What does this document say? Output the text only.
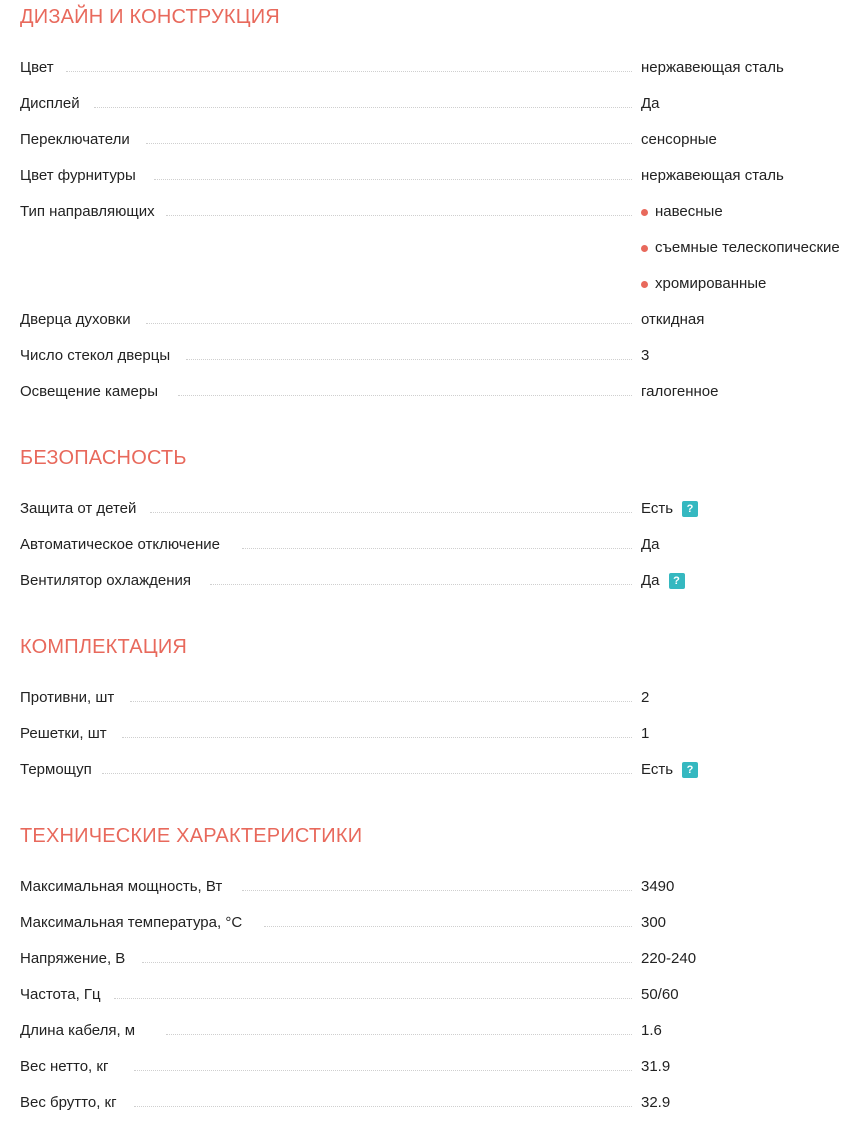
ДИЗАЙН И КОНСТРУКЦИЯ
Цвет	нержавеющая сталь
Дисплей	Да
Переключатели	сенсорные
Цвет фурнитуры	нержавеющая сталь
Тип направляющих	навесные
съемные телескопические
хромированные
Дверца духовки	откидная
Число стекол дверцы	3
Освещение камеры	галогенное
БЕЗОПАСНОСТЬ
Защита от детей	Есть	?
Автоматическое отключение	Да
Вентилятор охлаждения	Да	?
КОМПЛЕКТАЦИЯ
Противни, шт	2
Решетки, шт	1
Термощуп	Есть	?
ТЕХНИЧЕСКИЕ ХАРАКТЕРИСТИКИ
Максимальная мощность, Вт	3490
Максимальная температура, °C	300
Напряжение, В	220-240
Частота, Гц	50/60
Длина кабеля, м	1.6
Вес нетто, кг	31.9
Вес брутто, кг	32.9
